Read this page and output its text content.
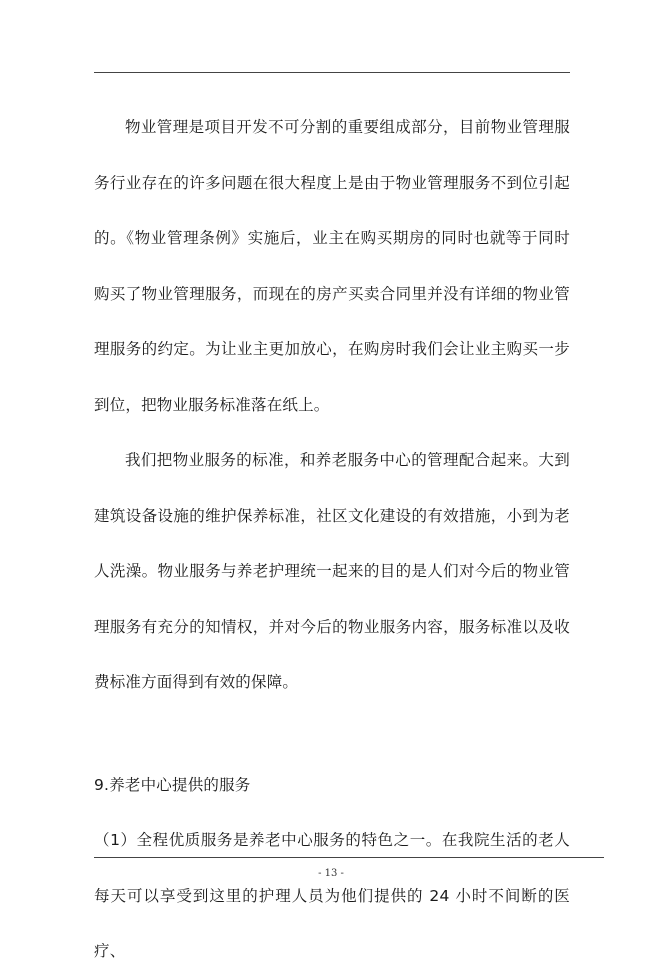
物业管理是项目开发不可分割的重要组成部分，目前物业管理服务行业存在的许多问题在很大程度上是由于物业管理服务不到位引起的。《物业管理条例》实施后，业主在购买期房的同时也就等于同时购买了物业管理服务，而现在的房产买卖合同里并没有详细的物业管理服务的约定。为让业主更加放心，在购房时我们会让业主购买一步到位，把物业服务标准落在纸上。

我们把物业服务的标准，和养老服务中心的管理配合起来。大到建筑设备设施的维护保养标准，社区文化建设的有效措施，小到为老人洗澡。物业服务与养老护理统一起来的目的是人们对今后的物业管理服务有充分的知情权，并对今后的物业服务内容，服务标准以及收费标准方面得到有效的保障。

9.养老中心提供的服务

（1）全程优质服务是养老中心服务的特色之一。在我院生活的老人每天可以享受到这里的护理人员为他们提供的 24 小时不间断的医疗、

- 13 -
